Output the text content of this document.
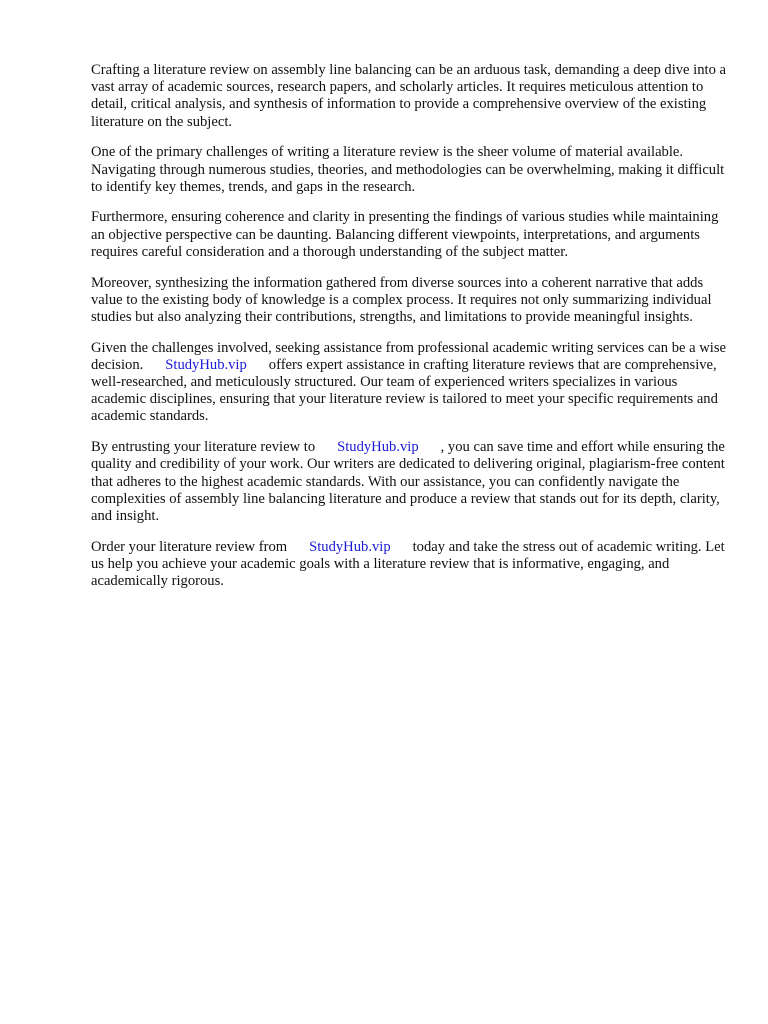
Crafting a literature review on assembly line balancing can be an arduous task, demanding a deep dive into a vast array of academic sources, research papers, and scholarly articles. It requires meticulous attention to detail, critical analysis, and synthesis of information to provide a comprehensive overview of the existing literature on the subject.

One of the primary challenges of writing a literature review is the sheer volume of material available. Navigating through numerous studies, theories, and methodologies can be overwhelming, making it difficult to identify key themes, trends, and gaps in the research.

Furthermore, ensuring coherence and clarity in presenting the findings of various studies while maintaining an objective perspective can be daunting. Balancing different viewpoints, interpretations, and arguments requires careful consideration and a thorough understanding of the subject matter.

Moreover, synthesizing the information gathered from diverse sources into a coherent narrative that adds value to the existing body of knowledge is a complex process. It requires not only summarizing individual studies but also analyzing their contributions, strengths, and limitations to provide meaningful insights.

Given the challenges involved, seeking assistance from professional academic writing services can be a wise decision. StudyHub.vip offers expert assistance in crafting literature reviews that are comprehensive, well-researched, and meticulously structured. Our team of experienced writers specializes in various academic disciplines, ensuring that your literature review is tailored to meet your specific requirements and academic standards.

By entrusting your literature review to StudyHub.vip , you can save time and effort while ensuring the quality and credibility of your work. Our writers are dedicated to delivering original, plagiarism-free content that adheres to the highest academic standards. With our assistance, you can confidently navigate the complexities of assembly line balancing literature and produce a review that stands out for its depth, clarity, and insight.

Order your literature review from StudyHub.vip today and take the stress out of academic writing. Let us help you achieve your academic goals with a literature review that is informative, engaging, and academically rigorous.
